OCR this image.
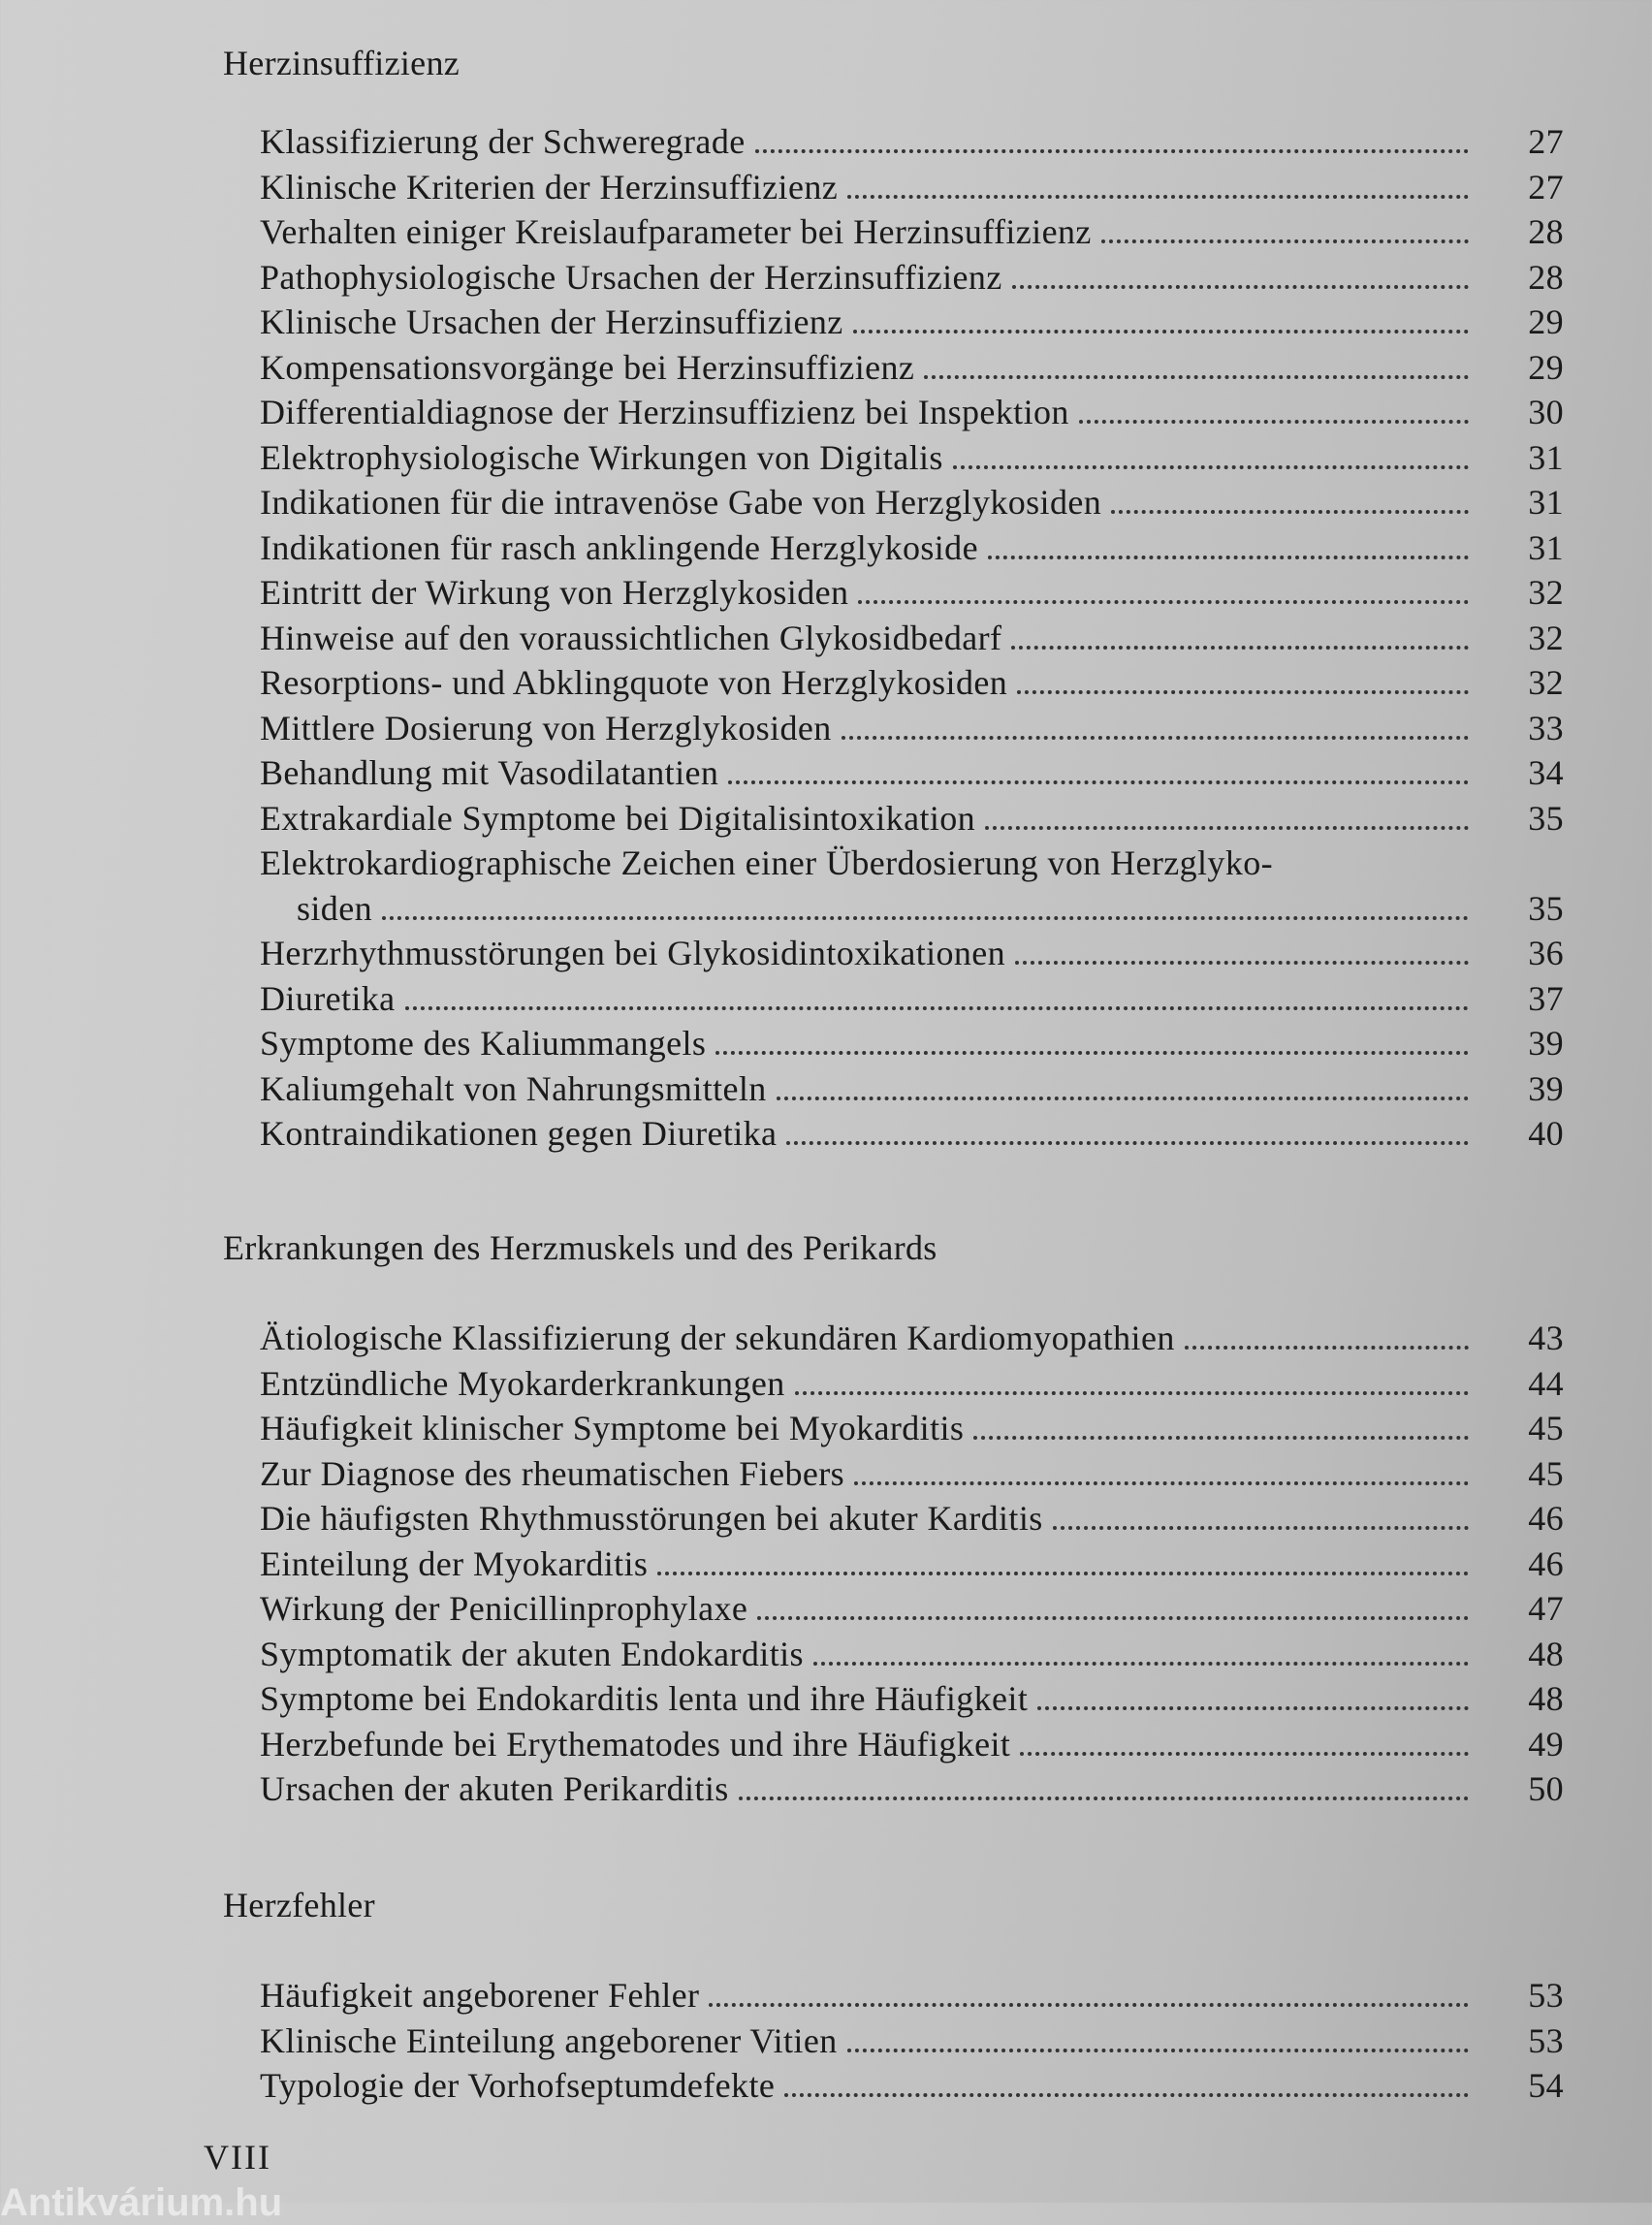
Herzinsuffizienz
Klassifizierung der Schweregrade	27
Klinische Kriterien der Herzinsuffizienz	27
Verhalten einiger Kreislaufparameter bei Herzinsuffizienz	28
Pathophysiologische Ursachen der Herzinsuffizienz	28
Klinische Ursachen der Herzinsuffizienz	29
Kompensationsvorgänge bei Herzinsuffizienz	29
Differentialdiagnose der Herzinsuffizienz bei Inspektion	30
Elektrophysiologische Wirkungen von Digitalis	31
Indikationen für die intravenöse Gabe von Herzglykosiden	31
Indikationen für rasch anklingende Herzglykoside	31
Eintritt der Wirkung von Herzglykosiden	32
Hinweise auf den voraussichtlichen Glykosidbedarf	32
Resorptions- und Abklingquote von Herzglykosiden	32
Mittlere Dosierung von Herzglykosiden	33
Behandlung mit Vasodilatantien	34
Extrakardiale Symptome bei Digitalisintoxikation	35
Elektrokardiographische Zeichen einer Überdosierung von Herzglyko-
siden	35
Herzrhythmusstörungen bei Glykosidintoxikationen	36
Diuretika	37
Symptome des Kaliummangels	39
Kaliumgehalt von Nahrungsmitteln	39
Kontraindikationen gegen Diuretika	40
Erkrankungen des Herzmuskels und des Perikards
Ätiologische Klassifizierung der sekundären Kardiomyopathien	43
Entzündliche Myokarderkrankungen	44
Häufigkeit klinischer Symptome bei Myokarditis	45
Zur Diagnose des rheumatischen Fiebers	45
Die häufigsten Rhythmusstörungen bei akuter Karditis	46
Einteilung der Myokarditis	46
Wirkung der Penicillinprophylaxe	47
Symptomatik der akuten Endokarditis	48
Symptome bei Endokarditis lenta und ihre Häufigkeit	48
Herzbefunde bei Erythematodes und ihre Häufigkeit	49
Ursachen der akuten Perikarditis	50
Herzfehler
Häufigkeit angeborener Fehler	53
Klinische Einteilung angeborener Vitien	53
Typologie der Vorhofseptumdefekte	54
VIII
Antikvárium.hu
